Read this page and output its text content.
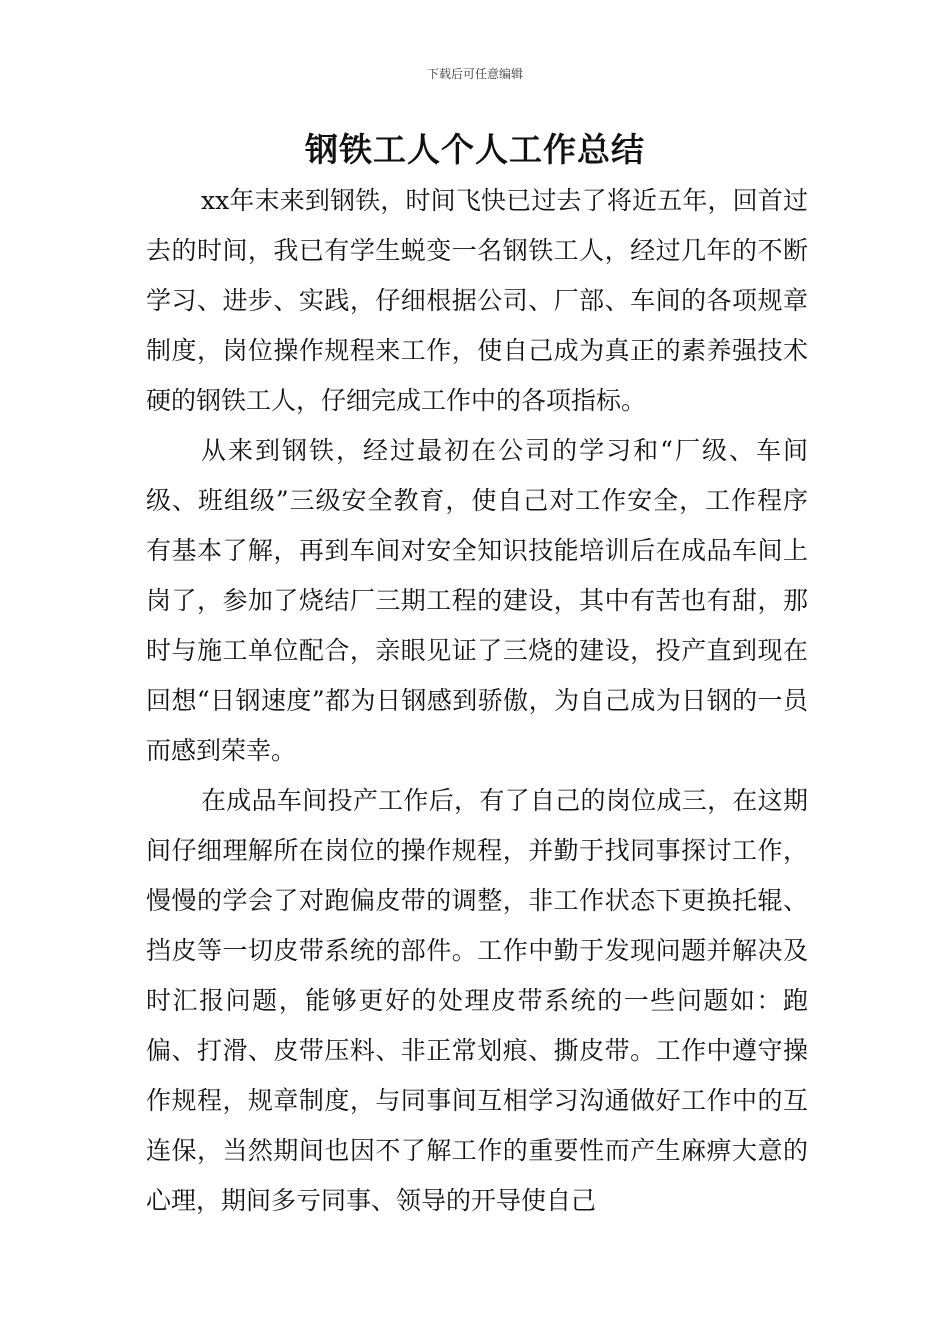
下载后可任意编辑
钢铁工人个人工作总结

xx年末来到钢铁，时间飞快已过去了将近五年，回首过去的时间，我已有学生蜕变一名钢铁工人，经过几年的不断学习、进步、实践，仔细根据公司、厂部、车间的各项规章制度，岗位操作规程来工作，使自己成为真正的素养强技术硬的钢铁工人，仔细完成工作中的各项指标。

从来到钢铁，经过最初在公司的学习和“厂级、车间级、班组级”三级安全教育，使自己对工作安全，工作程序有基本了解，再到车间对安全知识技能培训后在成品车间上岗了，参加了烧结厂三期工程的建设，其中有苦也有甜，那时与施工单位配合，亲眼见证了三烧的建设，投产直到现在回想“日钢速度”都为日钢感到骄傲，为自己成为日钢的一员而感到荣幸。

在成品车间投产工作后，有了自己的岗位成三，在这期间仔细理解所在岗位的操作规程，并勤于找同事探讨工作，慢慢的学会了对跑偏皮带的调整，非工作状态下更换托辊、挡皮等一切皮带系统的部件。工作中勤于发现问题并解决及时汇报问题，能够更好的处理皮带系统的一些问题如：跑偏、打滑、皮带压料、非正常划痕、撕皮带。工作中遵守操作规程，规章制度，与同事间互相学习沟通做好工作中的互连保，当然期间也因不了解工作的重要性而产生麻痹大意的心理，期间多亏同事、领导的开导使自己
